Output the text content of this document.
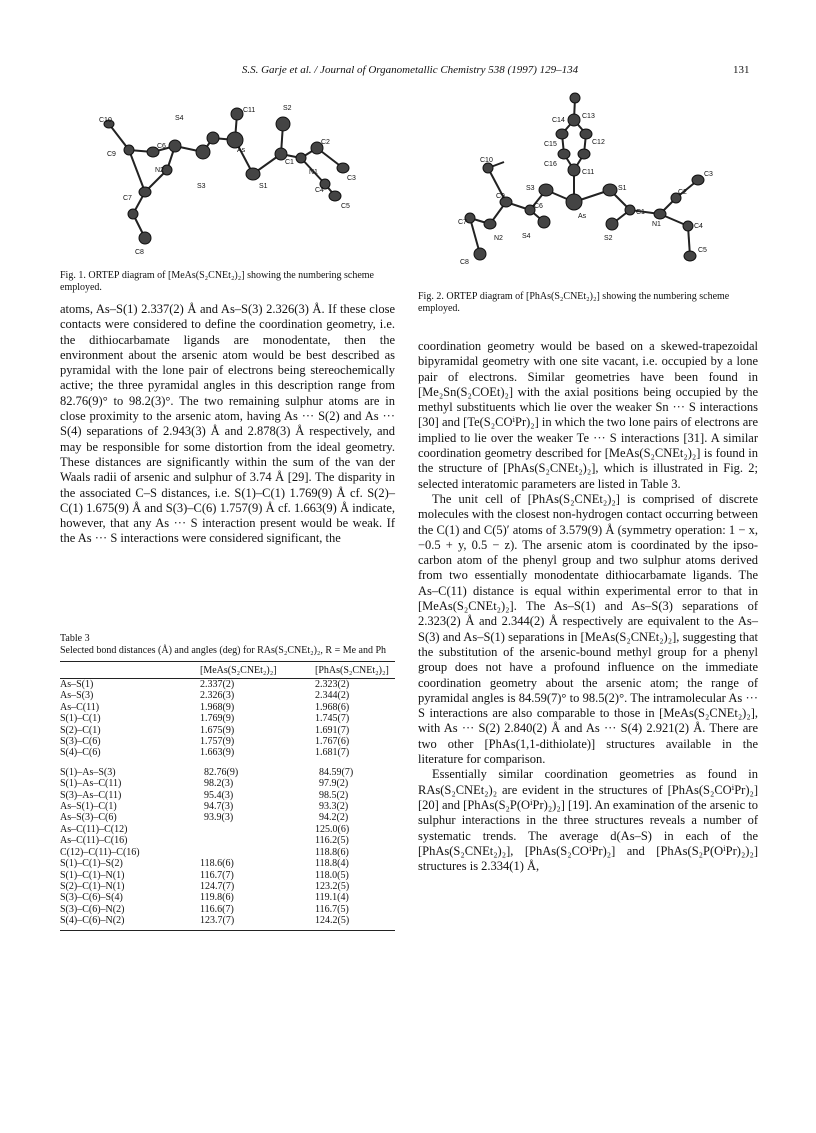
S.S. Garje et al. / Journal of Organometallic Chemistry 538 (1997) 129–134	131
C10	S4
C11	S2
C9
C6
As
C1
C2
N2	N1
C3
S3	S1
C7
C4
C5
C8
Fig. 1. ORTEP diagram of [MeAs(S₂CNEt₂)₂] showing the numbering scheme employed.
C14
C13
C15	C12
C10
C16
C11
S3	S1
C9
C6
As
C2
C3
C1
N1	C4
C7
N2	S4	S2
C5
C8
Fig. 2. ORTEP diagram of [PhAs(S₂CNEt₂)₂] showing the numbering scheme employed.

atoms, As–S(1) 2.337(2) Å and As–S(3) 2.326(3) Å. If these close contacts were considered to define the coordination geometry, i.e. the dithiocarbamate ligands are monodentate, then the environment about the arsenic atom would be best described as pyramidal with the lone pair of electrons being stereochemically active; the three pyramidal angles in this description range from 82.76(9)° to 98.2(3)°. The two remaining sulphur atoms are in close proximity to the arsenic atom, having As ··· S(2) and As ··· S(4) separations of 2.943(3) Å and 2.878(3) Å respectively, and may be responsible for some distortion from the ideal geometry. These distances are significantly within the sum of the van der Waals radii of arsenic and sulphur of 3.74 Å [29]. The disparity in the associated C–S distances, i.e. S(1)–C(1) 1.769(9) Å cf. S(2)–C(1) 1.675(9) Å and S(3)–C(6) 1.757(9) Å cf. 1.663(9) Å indicate, however, that any As ··· S interaction present would be weak. If the As ··· S interactions were considered significant, the

Table 3
Selected bond distances (Å) and angles (deg) for RAs(S₂CNEt₂)₂, R = Me and Ph
	[MeAs(S₂CNEt₂)₂]	[PhAs(S₂CNEt₂)₂]
As–S(1)	2.337(2)	2.323(2)
As–S(3)	2.326(3)	2.344(2)
As–C(11)	1.968(9)	1.968(6)
S(1)–C(1)	1.769(9)	1.745(7)
S(2)–C(1)	1.675(9)	1.691(7)
S(3)–C(6)	1.757(9)	1.767(6)
S(4)–C(6)	1.663(9)	1.681(7)
S(1)–As–S(3)	82.76(9)	84.59(7)
S(1)–As–C(11)	98.2(3)	97.9(2)
S(3)–As–C(11)	95.4(3)	98.5(2)
As–S(1)–C(1)	94.7(3)	93.3(2)
As–S(3)–C(6)	93.9(3)	94.2(2)
As–C(11)–C(12)		125.0(6)
As–C(11)–C(16)		116.2(5)
C(12)–C(11)–C(16)		118.8(6)
S(1)–C(1)–S(2)	118.6(6)	118.8(4)
S(1)–C(1)–N(1)	116.7(7)	118.0(5)
S(2)–C(1)–N(1)	124.7(7)	123.2(5)
S(3)–C(6)–S(4)	119.8(6)	119.1(4)
S(3)–C(6)–N(2)	116.6(7)	116.7(5)
S(4)–C(6)–N(2)	123.7(7)	124.2(5)

coordination geometry would be based on a skewed-trapezoidal bipyramidal geometry with one site vacant, i.e. occupied by a lone pair of electrons. Similar geometries have been found in [Me₂Sn(S₂COEt)₂] with the axial positions being occupied by the methyl substituents which lie over the weaker Sn ··· S interactions [30] and [Te(S₂COⁱPr)₂] in which the two lone pairs of electrons are implied to lie over the weaker Te ··· S interactions [31]. A similar coordination geometry described for [MeAs(S₂CNEt₂)₂] is found in the structure of [PhAs(S₂CNEt₂)₂], which is illustrated in Fig. 2; selected interatomic parameters are listed in Table 3.

The unit cell of [PhAs(S₂CNEt₂)₂] is comprised of discrete molecules with the closest non-hydrogen contact occurring between the C(1) and C(5)′ atoms of 3.579(9) Å (symmetry operation: 1 − x, −0.5 + y, 0.5 − z). The arsenic atom is coordinated by the ipso-carbon atom of the phenyl group and two sulphur atoms derived from two essentially monodentate dithiocarbamate ligands. The As–C(11) distance is equal within experimental error to that in [MeAs(S₂CNEt₂)₂]. The As–S(1) and As–S(3) separations of 2.323(2) Å and 2.344(2) Å respectively are equivalent to the As–S(3) and As–S(1) separations in [MeAs(S₂CNEt₂)₂], suggesting that the substitution of the arsenic-bound methyl group for a phenyl group does not have a profound influence on the immediate coordination geometry about the arsenic atom; the range of pyramidal angles is 84.59(7)° to 98.5(2)°. The intramolecular As ··· S interactions are also comparable to those in [MeAs(S₂CNEt₂)₂], with As ··· S(2) 2.840(2) Å and As ··· S(4) 2.921(2) Å. There are two other [PhAs(1,1-dithiolate)] structures available in the literature for comparison.

Essentially similar coordination geometries as found in RAs(S₂CNEt₂)₂ are evident in the structures of [PhAs(S₂COⁱPr)₂] [20] and [PhAs(S₂P(OⁱPr)₂)₂] [19]. An examination of the arsenic to sulphur interactions in the three structures reveals a number of systematic trends. The average d(As–S) in each of the [PhAs(S₂CNEt₂)₂], [PhAs(S₂COⁱPr)₂] and [PhAs(S₂P(OⁱPr)₂)₂] structures is 2.334(1) Å,
